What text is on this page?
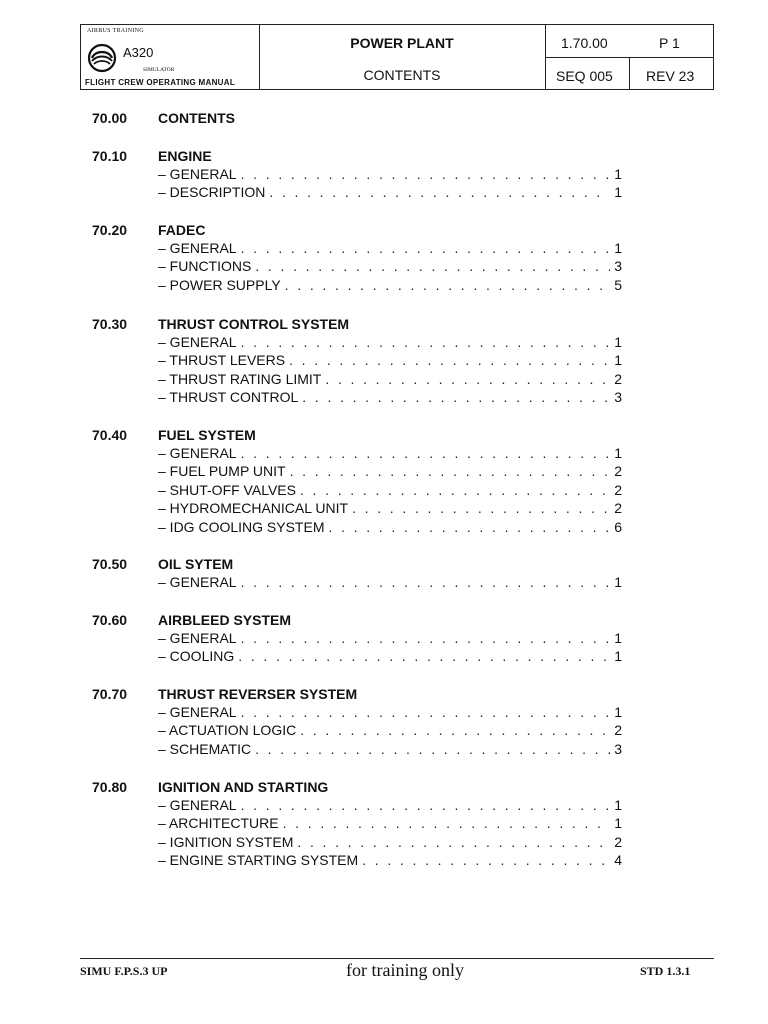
AIRBUS TRAINING
A320
SIMULATOR
FLIGHT CREW OPERATING MANUAL
POWER PLANT
CONTENTS
1.70.00	P 1
SEQ 005 REV 23
70.00 CONTENTS
70.10 ENGINE
– GENERAL . . .	1
– DESCRIPTION . . .	1
70.20 FADEC
– GENERAL . . .	1
– FUNCTIONS . . .	3
– POWER SUPPLY . . .	5
70.30 THRUST CONTROL SYSTEM
– GENERAL . . .	1
– THRUST LEVERS . . .	1
– THRUST RATING LIMIT . . .	2
– THRUST CONTROL . . .	3
70.40 FUEL SYSTEM
– GENERAL . . .	1
– FUEL PUMP UNIT . . .	2
– SHUT-OFF VALVES . . .	2
– HYDROMECHANICAL UNIT . . .	2
– IDG COOLING SYSTEM . . .	6
70.50 OIL SYTEM
– GENERAL . . .	1
70.60 AIRBLEED SYSTEM
– GENERAL . . .	1
– COOLING . . .	1
70.70 THRUST REVERSER SYSTEM
– GENERAL . . .	1
– ACTUATION LOGIC . . .	2
– SCHEMATIC . . .	3
70.80 IGNITION AND STARTING
– GENERAL . . .	1
– ARCHITECTURE . . .	1
– IGNITION SYSTEM . . .	2
– ENGINE STARTING SYSTEM . . .	4
SIMU F.P.S.3 UP	for training only	STD 1.3.1
